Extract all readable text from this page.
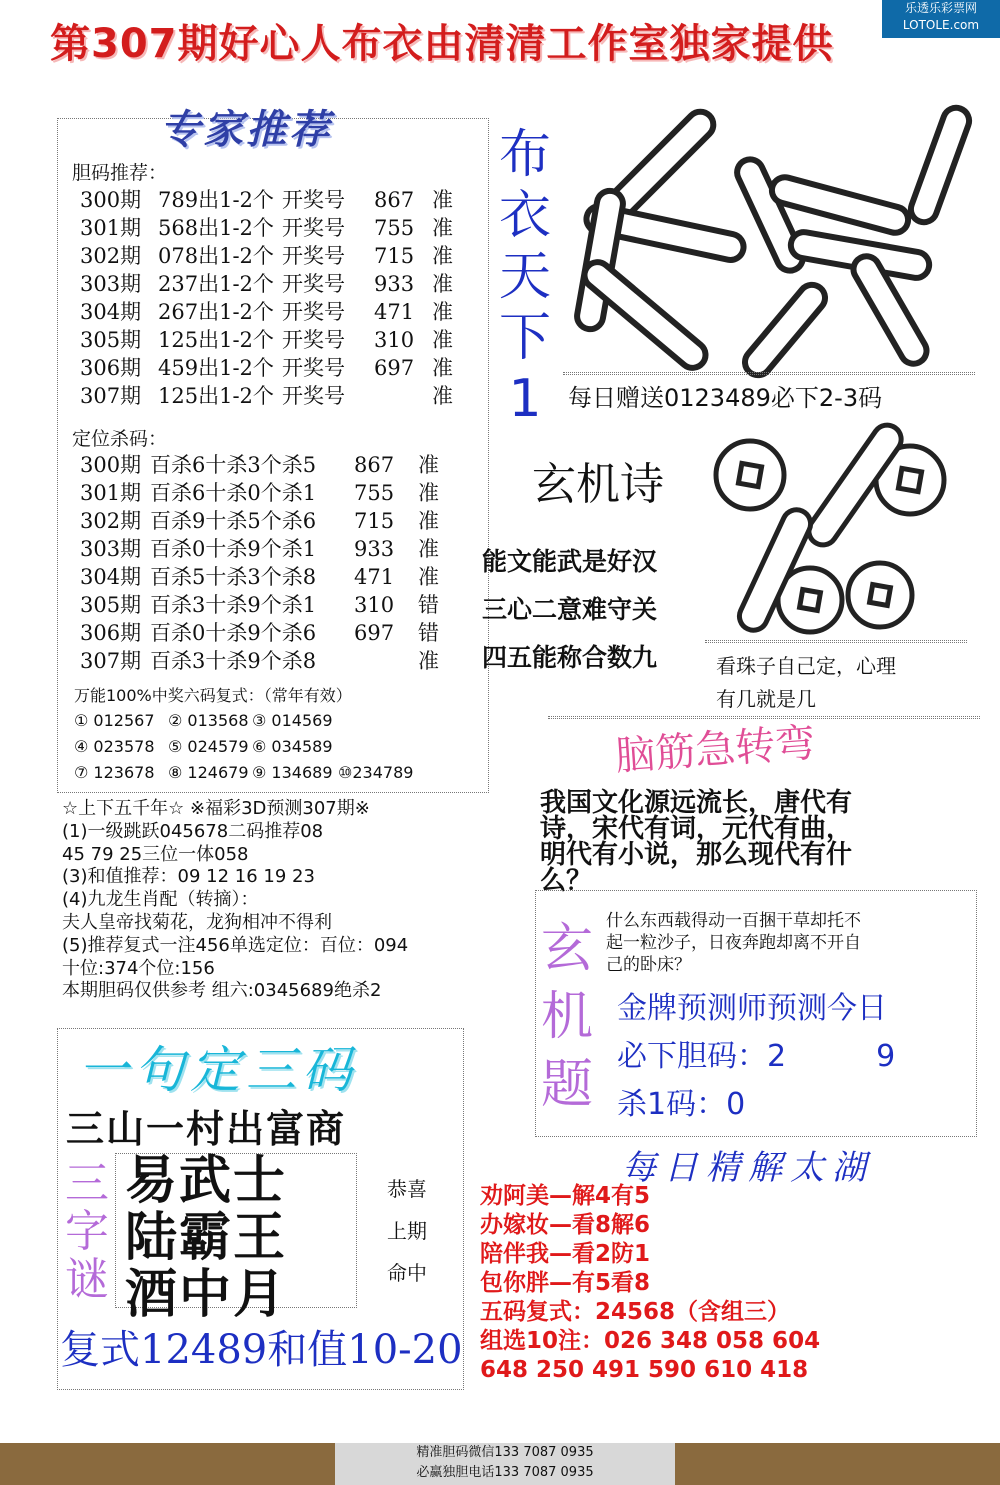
第307期好心人布衣由清清工作室独家提供
乐透乐彩票网
LOTOLE.com
专家推荐
胆码推荐：
300期 789出1-2个 开奖号	867 准
301期 568出1-2个 开奖号	755 准
302期 078出1-2个 开奖号	715 准
303期 237出1-2个 开奖号	933 准
304期 267出1-2个 开奖号	471 准
305期 125出1-2个 开奖号	310 准
306期 459出1-2个 开奖号	697 准
307期 125出1-2个 开奖号	准
定位杀码：
300期 百杀6十杀3个杀5	867	准
301期 百杀6十杀0个杀1	755	准
302期 百杀9十杀5个杀6	715	准
303期 百杀0十杀9个杀1	933	准
304期 百杀5十杀3个杀8	471	准
305期 百杀3十杀9个杀1	310	错
306期 百杀0十杀9个杀6	697	错
307期 百杀3十杀9个杀8	准
万能100%中奖六码复式：（常年有效）
① 012567 ② 013568 ③ 014569
④ 023578 ⑤ 024579 ⑥ 034589
⑦ 123678 ⑧ 124679 ⑨ 134689 ⑩234789
☆上下五千年☆ ※福彩3D预测307期※
(1)一级跳跃045678二码推荐08
45 79 25三位一体058
(3)和值推荐：09 12 16 19 23
(4)九龙生肖配（转摘）：
夫人皇帝找菊花，龙狗相冲不得利
(5)推荐复式一注456单选定位：百位：094
十位:374个位:156
本期胆码仅供参考 组六:0345689绝杀2
布
衣
天
下
1	每日赠送0123489必下2-3码
玄机诗
能文能武是好汉
三心二意难守关
四五能称合数九	看珠子自己定，心理
有几就是几
脑筋急转弯
我国文化源远流长，唐代有
诗，宋代有词，元代有曲，
明代有小说，那么现代有什
么？
玄
机
题
什么东西载得动一百捆干草却托不
起一粒沙子，日夜奔跑却离不开自
己的卧床？
金牌预测师预测今日
必下胆码：2	9
杀1码：0
每日精解太湖
劝阿美—解4有5
办嫁妆—看8解6
陪伴我—看2防1
包你胖—有5看8
五码复式：24568（含组三）
组选10注：026 348 058 604
648 250 491 590 610 418
一句定三码
三山一村出富商
三
字
谜
易武士
陆霸王
酒中月
恭喜
上期
命中
复式12489和值10-20
精准胆码微信133 7087 0935
必赢独胆电话133 7087 0935
